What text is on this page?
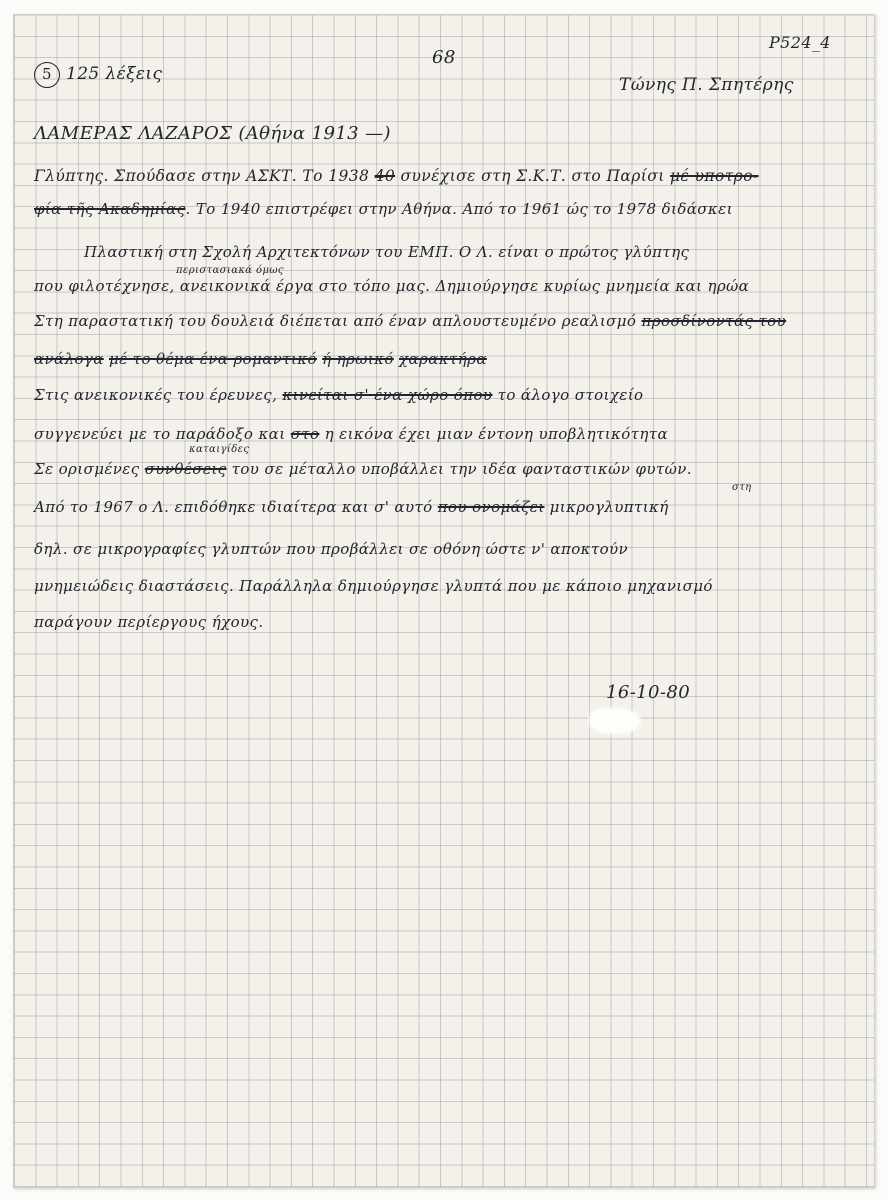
5 125 λέξεις
68
Ρ524_4
Τώνης Π. Σπητέρης
ΛΑΜΕΡΑΣ ΛΑΖΑΡΟΣ (Αθήνα 1913 —)
Γλύπτης. Σπούδασε στην ΑΣΚΤ. Το 1938 40 συνέχισε στη Σ.Κ.Τ. στο Παρίσι μέ υποτρο-
φία τῆς Ακαδημίας. Το 1940 επιστρέφει στην Αθήνα. Από το 1961 ώς το 1978 διδάσκει
Πλαστική στη Σχολή Αρχιτεκτόνων του ΕΜΠ. Ο Λ. είναι ο πρώτος γλύπτης
περιστασιακά όμως
που φιλοτέχνησε, ανεικονικά έργα στο τόπο μας. Δημιούργησε κυρίως μνημεία και ηρώα
Στη παραστατική του δουλειά διέπεται από έναν απλουστευμένο ρεαλισμό προσδίνοντάς του
ανάλογα μέ το θέμα ένα ρομαντικό ή ηρωικό χαρακτήρα
Στις ανεικονικές του έρευνες, κινείται σ' ένα χώρο όπου το άλογο στοιχείο
συγγενεύει με το παράδοξο και στο η εικόνα έχει μιαν έντονη υποβλητικότητα
καταιγίδες
Σε ορισμένες συνθέσεις του σε μέταλλο υποβάλλει την ιδέα φανταστικών φυτών.
στη
Από το 1967 ο Λ. επιδόθηκε ιδιαίτερα και σ' αυτό που ονομάζει μικρογλυπτική
δηλ. σε μικρογραφίες γλυπτών που προβάλλει σε οθόνη ώστε ν' αποκτούν
μνημειώδεις διαστάσεις. Παράλληλα δημιούργησε γλυπτά που με κάποιο μηχανισμό
παράγουν περίεργους ήχους.
16-10-80
